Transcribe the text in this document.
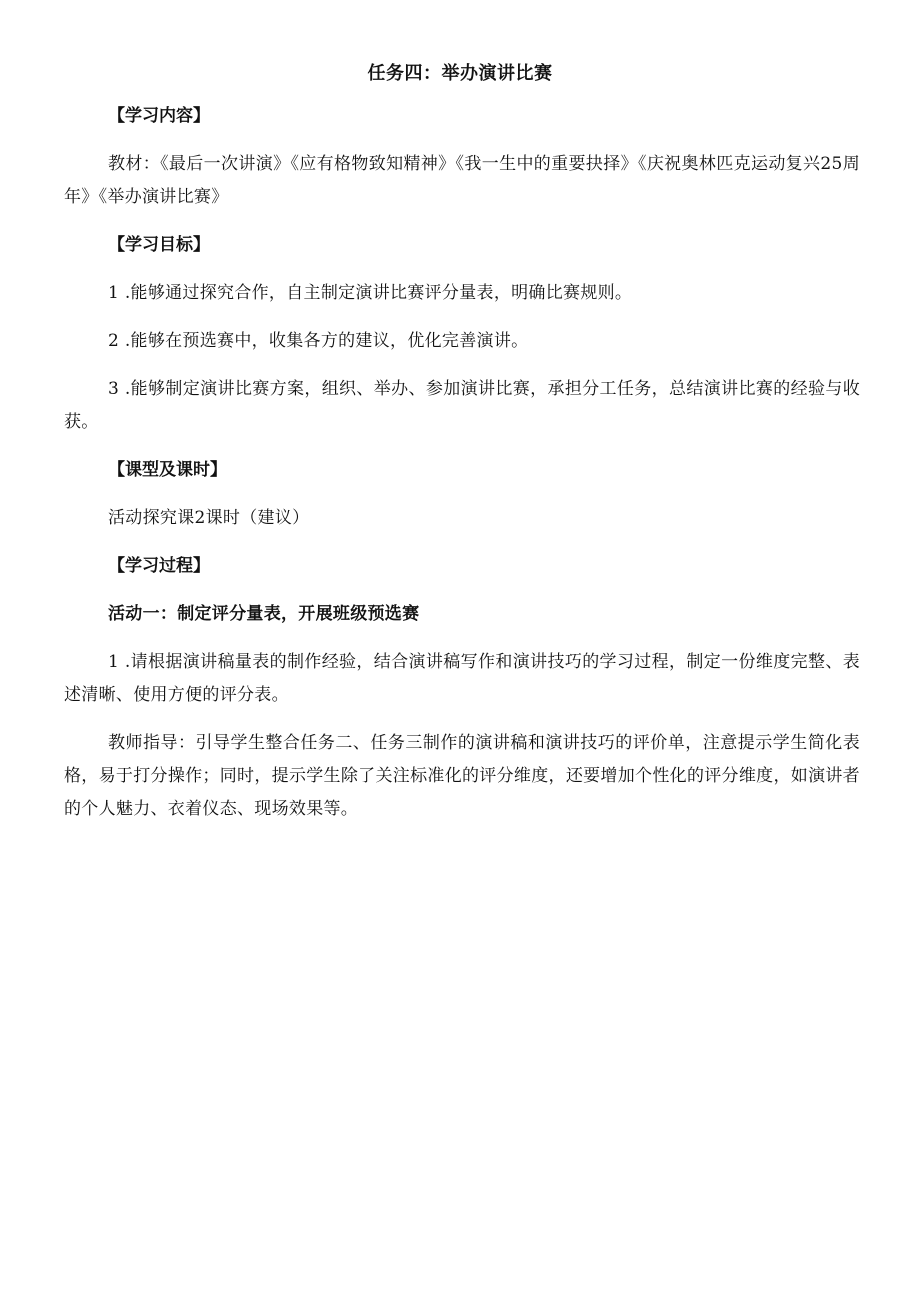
任务四：举办演讲比赛
【学习内容】

教材：《最后一次讲演》《应有格物致知精神》《我一生中的重要抉择》《庆祝奥林匹克运动复兴25周年》《举办演讲比赛》

【学习目标】

1 .能够通过探究合作，自主制定演讲比赛评分量表，明确比赛规则。

2 .能够在预选赛中，收集各方的建议，优化完善演讲。

3 .能够制定演讲比赛方案，组织、举办、参加演讲比赛，承担分工任务，总结演讲比赛的经验与收获。

【课型及课时】

活动探究课2课时（建议）

【学习过程】

活动一：制定评分量表，开展班级预选赛

1 .请根据演讲稿量表的制作经验，结合演讲稿写作和演讲技巧的学习过程，制定一份维度完整、表述清晰、使用方便的评分表。

教师指导：引导学生整合任务二、任务三制作的演讲稿和演讲技巧的评价单，注意提示学生简化表格，易于打分操作；同时，提示学生除了关注标准化的评分维度，还要增加个性化的评分维度，如演讲者的个人魅力、衣着仪态、现场效果等。
